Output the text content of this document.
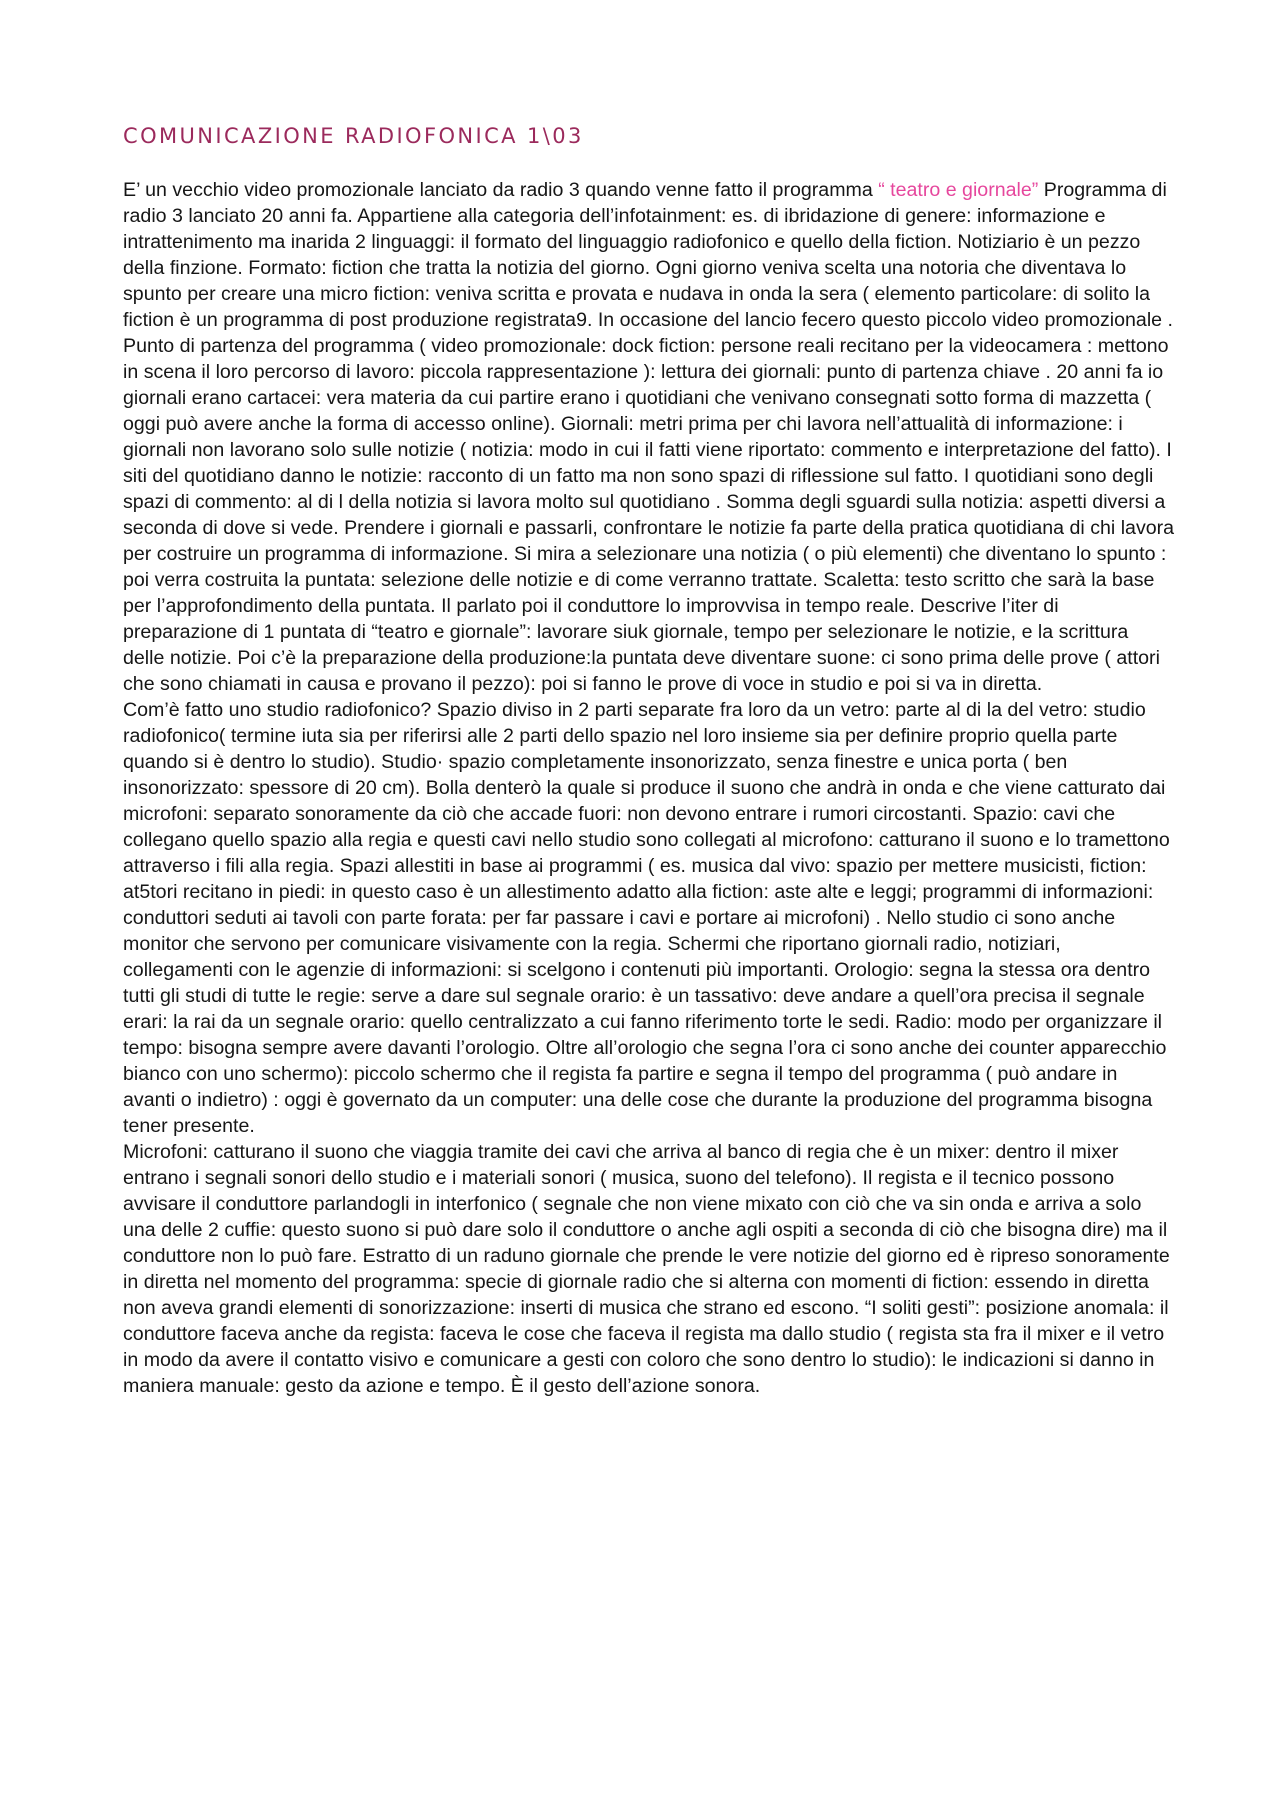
COMUNICAZIONE RADIOFONICA 1\03

E’ un vecchio video promozionale lanciato da radio 3 quando venne fatto il programma “ teatro e giornale” Programma di radio 3 lanciato 20 anni fa. Appartiene alla categoria dell’infotainment: es. di ibridazione di genere: informazione e intrattenimento ma inarida 2 linguaggi: il formato del linguaggio radiofonico e quello della fiction. Notiziario è un pezzo della finzione. Formato: fiction che tratta la notizia del giorno. Ogni giorno veniva scelta una notoria che diventava lo spunto per creare una micro fiction: veniva scritta e provata e nudava in onda la sera ( elemento particolare: di solito la fiction è un programma di post produzione registrata9. In occasione del lancio fecero questo piccolo video promozionale . Punto di partenza del programma ( video promozionale: dock fiction: persone reali recitano per la videocamera : mettono in scena il loro percorso di lavoro: piccola rappresentazione ): lettura dei giornali: punto di partenza chiave . 20 anni fa io giornali erano cartacei: vera materia da cui partire erano i quotidiani che venivano consegnati sotto forma di mazzetta ( oggi può avere anche la forma di accesso online). Giornali: metri prima per chi lavora nell’attualità di informazione: i giornali non lavorano solo sulle notizie ( notizia: modo in cui il fatti viene riportato: commento e interpretazione del fatto). I siti del quotidiano danno le notizie: racconto di un fatto ma non sono spazi di riflessione sul fatto. I quotidiani sono degli spazi di commento: al di l della notizia si lavora molto sul quotidiano . Somma degli sguardi sulla notizia: aspetti diversi a seconda di dove si vede. Prendere i giornali e passarli, confrontare le notizie fa parte della pratica quotidiana di chi lavora per costruire un programma di informazione. Si mira a selezionare una notizia ( o più elementi) che diventano lo spunto : poi verra costruita la puntata: selezione delle notizie e di come verranno trattate. Scaletta: testo scritto che sarà la base per l’approfondimento della puntata. Il parlato poi il conduttore lo improvvisa in tempo reale. Descrive l’iter di preparazione di 1 puntata di “teatro e giornale”: lavorare siuk giornale, tempo per selezionare le notizie, e la scrittura delle notizie. Poi c’è la preparazione della produzione:la puntata deve diventare suone: ci sono prima delle prove ( attori che sono chiamati in causa e provano il pezzo): poi si fanno le prove di voce in studio e poi si va in diretta.

Com’è fatto uno studio radiofonico? Spazio diviso in 2 parti separate fra loro da un vetro: parte al di la del vetro: studio radiofonico( termine iuta sia per riferirsi alle 2 parti dello spazio nel loro insieme sia per definire proprio quella parte quando si è dentro lo studio). Studio· spazio completamente insonorizzato, senza finestre e unica porta ( ben insonorizzato: spessore di 20 cm). Bolla denterò la quale si produce il suono che andrà in onda e che viene catturato dai microfoni: separato sonoramente da ciò che accade fuori: non devono entrare i rumori circostanti. Spazio: cavi che collegano quello spazio alla regia e questi cavi nello studio sono collegati al microfono: catturano il suono e lo tramettono attraverso i fili alla regia. Spazi allestiti in base ai programmi ( es. musica dal vivo: spazio per mettere musicisti, fiction: at5tori recitano in piedi: in questo caso è un allestimento adatto alla fiction: aste alte e leggi; programmi di informazioni: conduttori seduti ai tavoli con parte forata: per far passare i cavi e portare ai microfoni) . Nello studio ci sono anche monitor che servono per comunicare visivamente con la regia. Schermi che riportano giornali radio, notiziari, collegamenti con le agenzie di informazioni: si scelgono i contenuti più importanti. Orologio: segna la stessa ora dentro tutti gli studi di tutte le regie: serve a dare sul segnale orario: è un tassativo: deve andare a quell’ora precisa il segnale erari: la rai da un segnale orario: quello centralizzato a cui fanno riferimento torte le sedi. Radio: modo per organizzare il tempo: bisogna sempre avere davanti l’orologio. Oltre all’orologio che segna l’ora ci sono anche dei counter apparecchio bianco con uno schermo): piccolo schermo che il regista fa partire e segna il tempo del programma ( può andare in avanti o indietro) : oggi è governato da un computer: una delle cose che durante la produzione del programma bisogna tener presente.

Microfoni: catturano il suono che viaggia tramite dei cavi che arriva al banco di regia che è un mixer: dentro il mixer entrano i segnali sonori dello studio e i materiali sonori ( musica, suono del telefono). Il regista e il tecnico possono avvisare il conduttore parlandogli in interfonico ( segnale che non viene mixato con ciò che va sin onda e arriva a solo una delle 2 cuffie: questo suono si può dare solo il conduttore o anche agli ospiti a seconda di ciò che bisogna dire) ma il conduttore non lo può fare. Estratto di un raduno giornale che prende le vere notizie del giorno ed è ripreso sonoramente in diretta nel momento del programma: specie di giornale radio che si alterna con momenti di fiction: essendo in diretta non aveva grandi elementi di sonorizzazione: inserti di musica che strano ed escono. “I soliti gesti”: posizione anomala: il conduttore faceva anche da regista: faceva le cose che faceva il regista ma dallo studio ( regista sta fra il mixer e il vetro in modo da avere il contatto visivo e comunicare a gesti con coloro che sono dentro lo studio): le indicazioni si danno in maniera manuale: gesto da azione e tempo. È il gesto dell’azione sonora.
